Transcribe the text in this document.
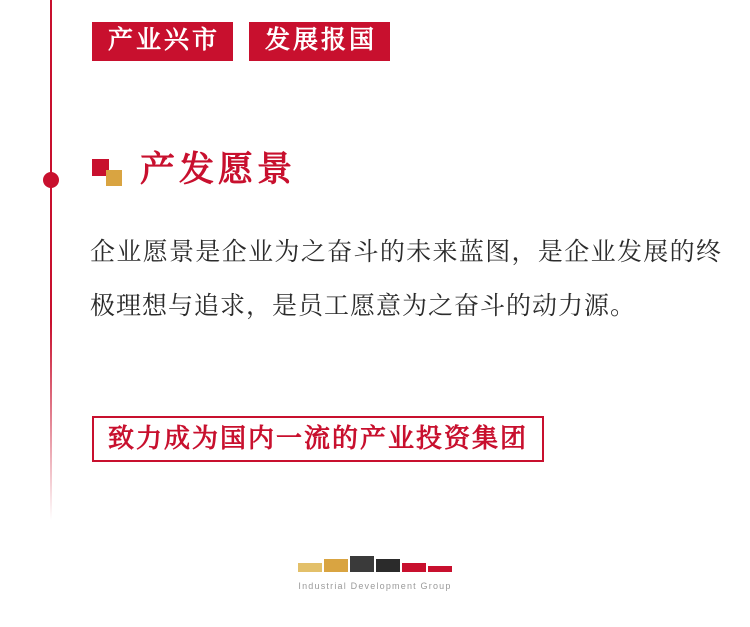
产业兴市	发展报国
产发愿景
企业愿景是企业为之奋斗的未来蓝图，是企业发展的终极理想与追求，是员工愿意为之奋斗的动力源。
致力成为国内一流的产业投资集团
Industrial Development Group
